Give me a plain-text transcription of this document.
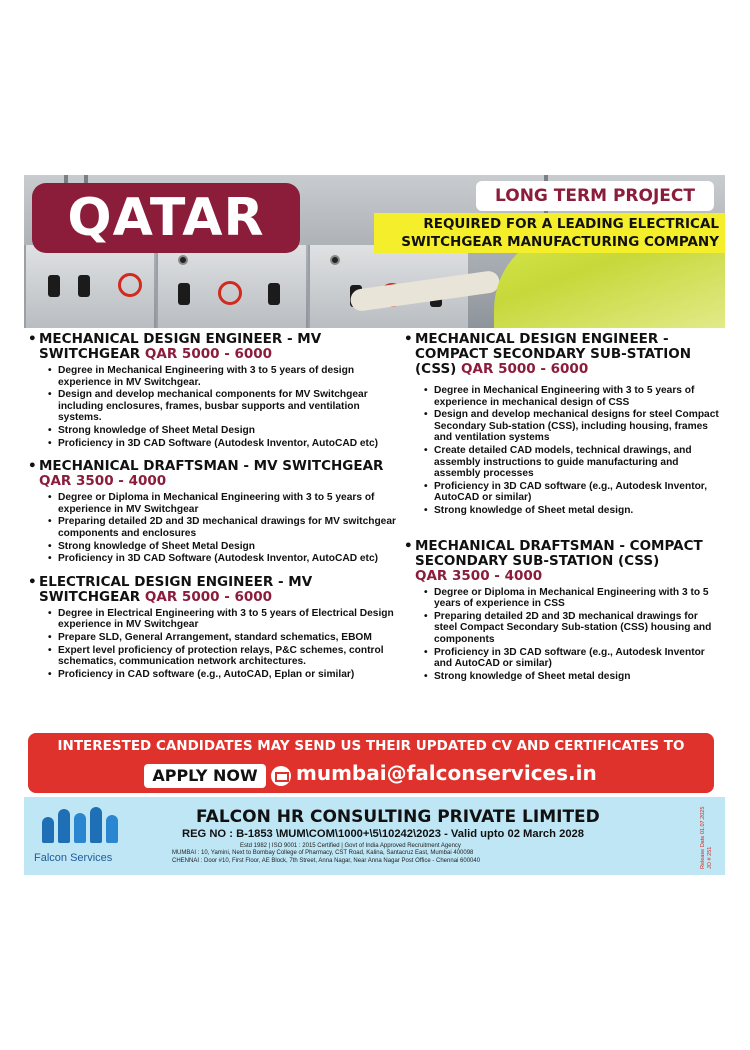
QATAR	LONG TERM PROJECT
REQUIRED FOR A LEADING ELECTRICAL
SWITCHGEAR MANUFACTURING COMPANY
• MECHANICAL DESIGN ENGINEER - MV
SWITCHGEAR QAR 5000 - 6000
• Degree in Mechanical Engineering with 3 to 5 years of design experience in MV Switchgear.
• Design and develop mechanical components for MV Switchgear including enclosures, frames, busbar supports and ventilation systems.
• Strong knowledge of Sheet Metal Design
• Proficiency in 3D CAD Software (Autodesk Inventor, AutoCAD etc)
• MECHANICAL DRAFTSMAN - MV SWITCHGEAR
QAR 3500 - 4000
• Degree or Diploma in Mechanical Engineering with 3 to 5 years of experience in MV Switchgear
• Preparing detailed 2D and 3D mechanical drawings for MV switchgear components and enclosures
• Strong knowledge of Sheet Metal Design
• Proficiency in 3D CAD Software (Autodesk Inventor, AutoCAD etc)
• ELECTRICAL DESIGN ENGINEER - MV
SWITCHGEAR QAR 5000 - 6000
• Degree in Electrical Engineering with 3 to 5 years of Electrical Design experience in MV Switchgear
• Prepare SLD, General Arrangement, standard schematics, EBOM
• Expert level proficiency of protection relays, P&C schemes, control schematics, communication network architectures.
• Proficiency in CAD software (e.g., AutoCAD, Eplan or similar)
• MECHANICAL DESIGN ENGINEER -
COMPACT SECONDARY SUB-STATION
(CSS) QAR 5000 - 6000
• Degree in Mechanical Engineering with 3 to 5 years of experience in mechanical design of CSS
• Design and develop mechanical designs for steel Compact Secondary Sub-station (CSS), including housing, frames and ventilation systems
• Create detailed CAD models, technical drawings, and assembly instructions to guide manufacturing and assembly processes
• Proficiency in 3D CAD software (e.g., Autodesk Inventor, AutoCAD or similar)
• Strong knowledge of Sheet metal design.
• MECHANICAL DRAFTSMAN - COMPACT
SECONDARY SUB-STATION (CSS)
QAR 3500 - 4000
• Degree or Diploma in Mechanical Engineering with 3 to 5 years of experience in CSS
• Preparing detailed 2D and 3D mechanical drawings for steel Compact Secondary Sub-station (CSS) housing and components
• Proficiency in 3D CAD software (e.g., Autodesk Inventor and AutoCAD or similar)
• Strong knowledge of Sheet metal design
INTERESTED CANDIDATES MAY SEND US THEIR UPDATED CV AND CERTIFICATES TO
APPLY NOW	mumbai@falconservices.in
Falcon Services
FALCON HR CONSULTING PRIVATE LIMITED
REG NO : B-1853 \MUM\COM\1000+\5\10242\2023 - Valid upto 02 March 2028
Estd 1982 | ISO 9001 : 2015 Certified | Govt of India Approved Recruitment Agency
MUMBAI : 10, Yamini, Next to Bombay College of Pharmacy, CST Road, Kalina, Santacruz East, Mumbai 400098
CHENNAI : Door #10, First Floor, AE Block, 7th Street, Anna Nagar, Near Anna Nagar Post Office - Chennai 600040	Release Date 01.07.2025 JO # 251
